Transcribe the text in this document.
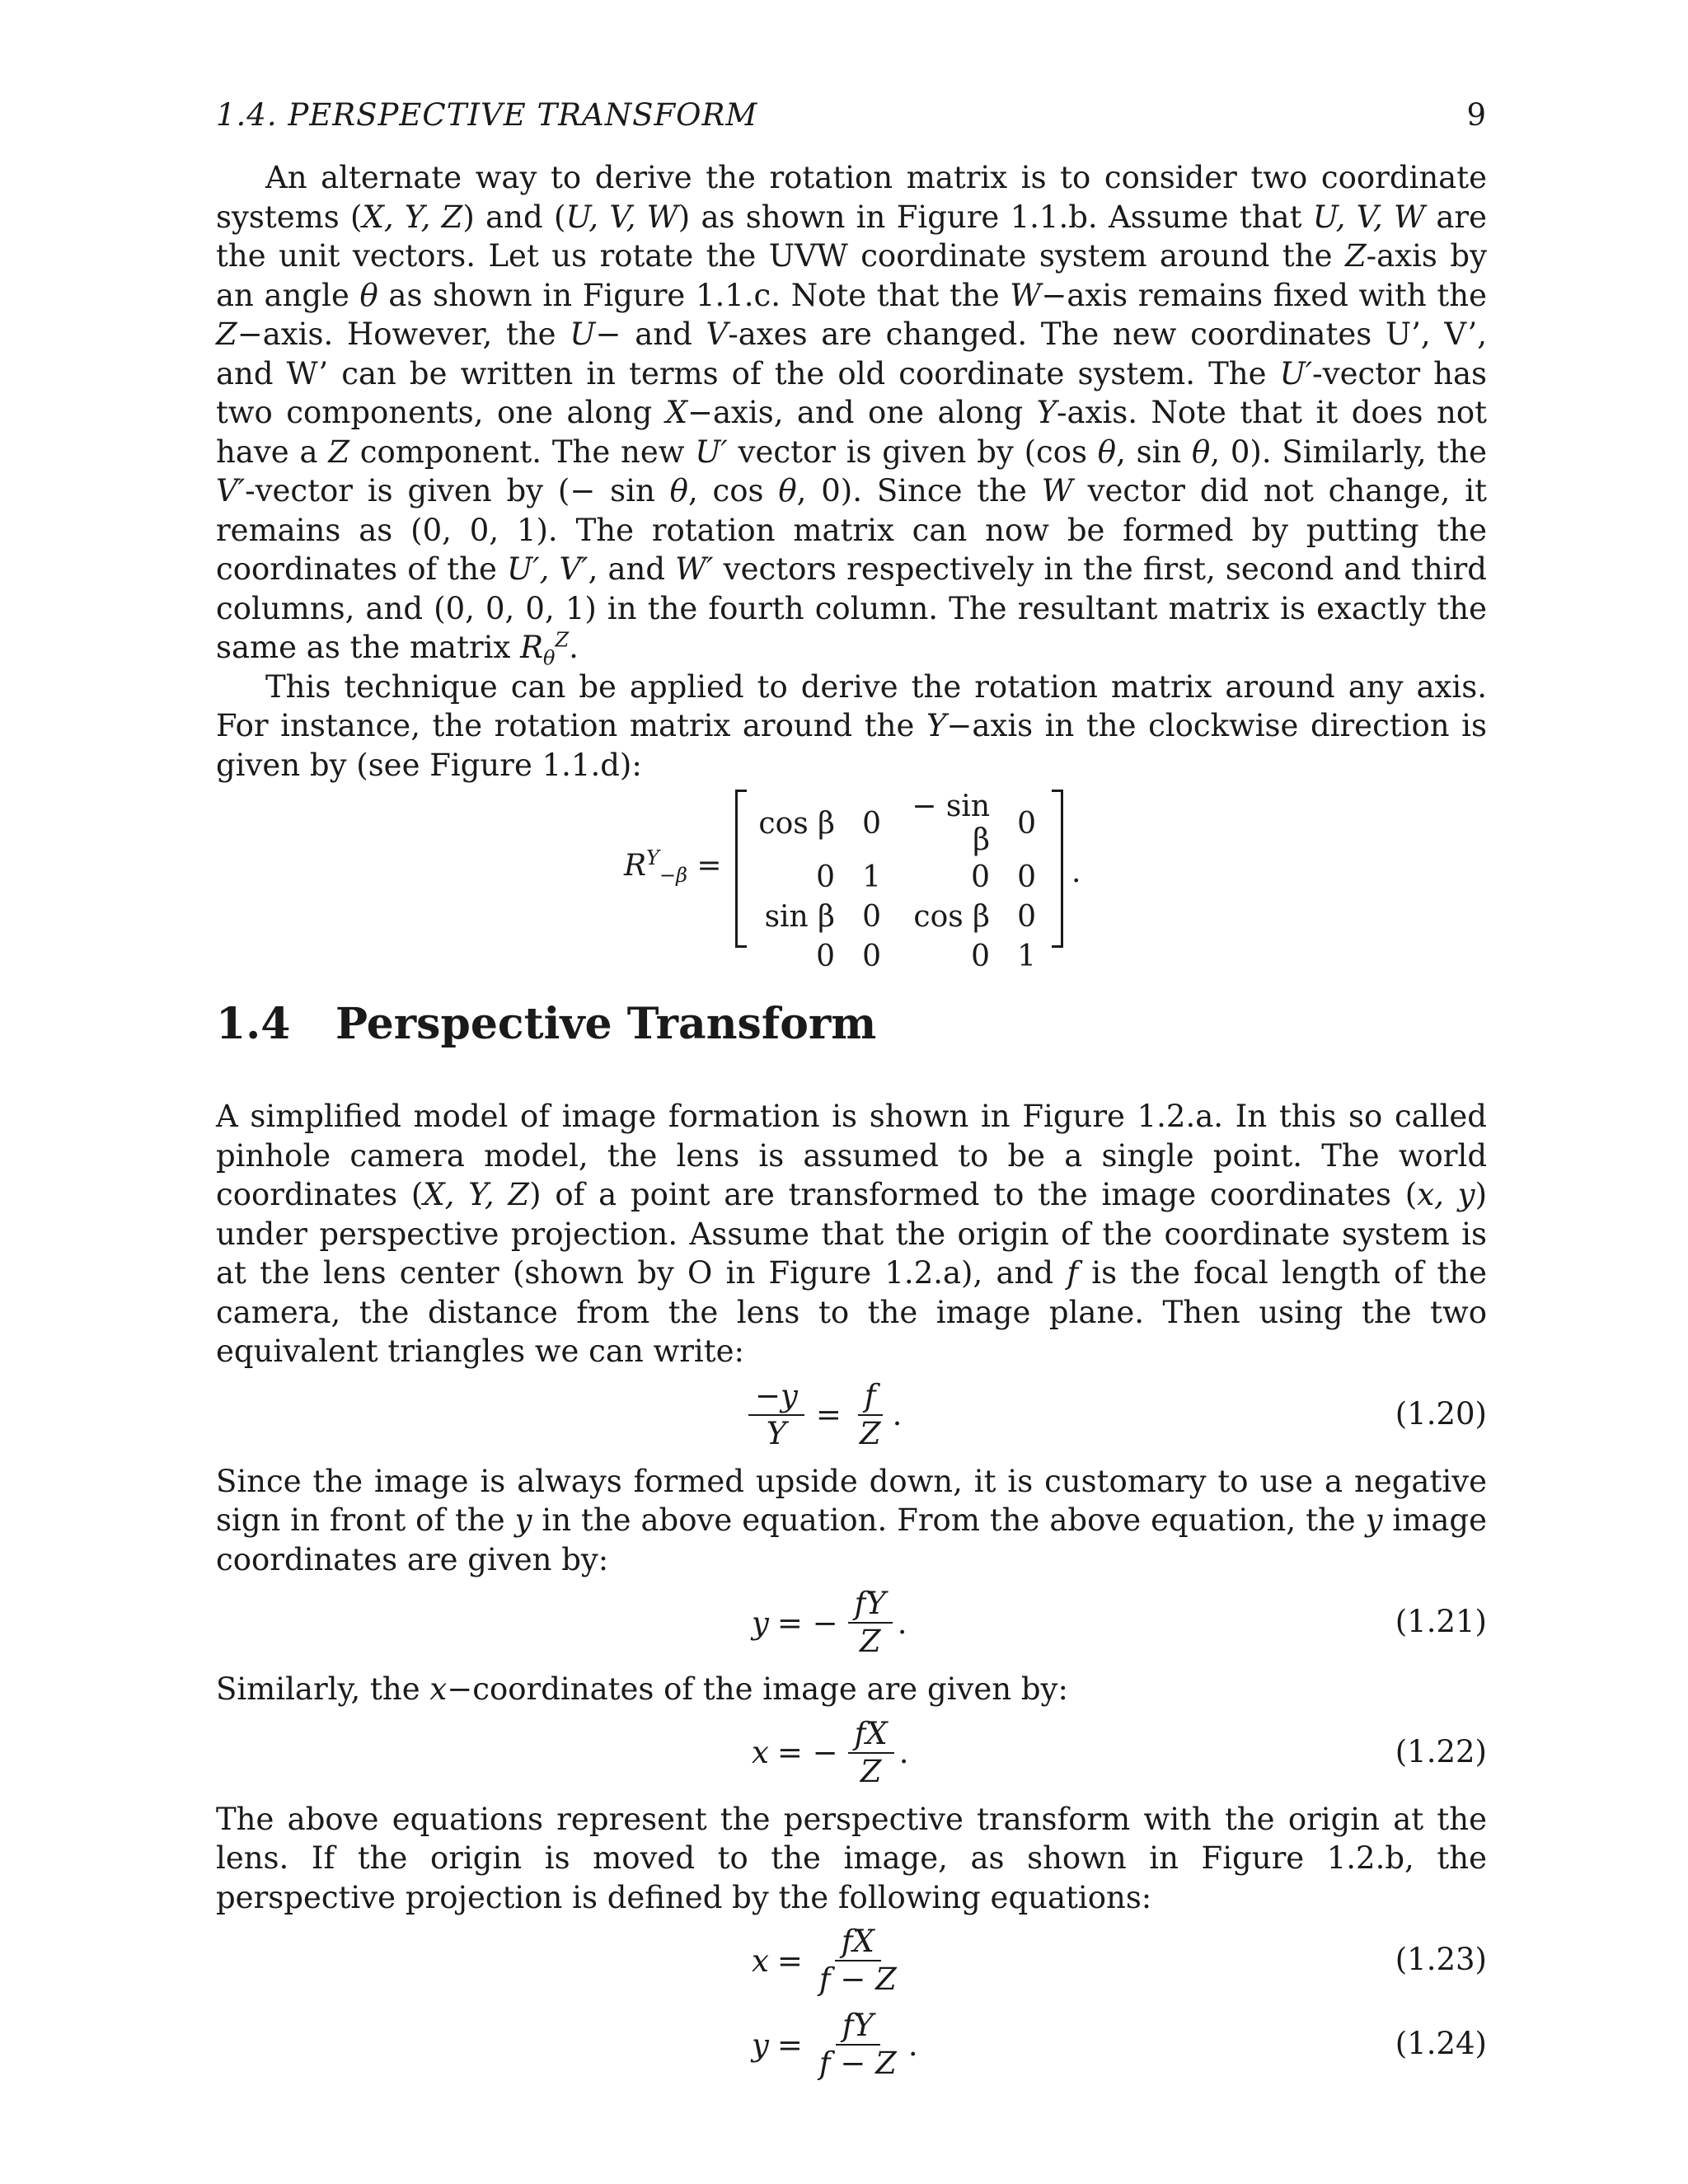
1.4. PERSPECTIVE TRANSFORM	9

An alternate way to derive the rotation matrix is to consider two coordinate systems (X, Y, Z) and (U, V, W) as shown in Figure 1.1.b. Assume that U, V, W are the unit vectors. Let us rotate the UVW coordinate system around the Z-axis by an angle θ as shown in Figure 1.1.c. Note that the W−axis remains fixed with the Z−axis. However, the U− and V-axes are changed. The new coordinates U’, V’, and W’ can be written in terms of the old coordinate system. The U′-vector has two components, one along X−axis, and one along Y-axis. Note that it does not have a Z component. The new U′ vector is given by (cos θ, sin θ, 0). Similarly, the V′-vector is given by (− sin θ, cos θ, 0). Since the W vector did not change, it remains as (0, 0, 1). The rotation matrix can now be formed by putting the coordinates of the U′, V′, and W′ vectors respectively in the first, second and third columns, and (0, 0, 0, 1) in the fourth column. The resultant matrix is exactly the same as the matrix $R_\theta^Z$.

This technique can be applied to derive the rotation matrix around any axis. For instance, the rotation matrix around the Y−axis in the clockwise direction is given by (see Figure 1.1.d):

$R^Y_{-\beta}$ =
cos β	0	− sin β	0
0	1	0	0
sin β	0	cos β	0
0	0	0	1
.
1.4 Perspective Transform

A simplified model of image formation is shown in Figure 1.2.a. In this so called pinhole camera model, the lens is assumed to be a single point. The world coordinates (X, Y, Z) of a point are transformed to the image coordinates (x, y) under perspective projection. Assume that the origin of the coordinate system is at the lens center (shown by O in Figure 1.2.a), and f is the focal length of the camera, the distance from the lens to the image plane. Then using the two equivalent triangles we can write:

$\frac{-y}{Y} = \frac{f}{Z}$ .	(1.20)

Since the image is always formed upside down, it is customary to use a negative sign in front of the y in the above equation. From the above equation, the y image coordinates are given by:

y = − $\frac{fY}{Z}$ .	(1.21)

Similarly, the x−coordinates of the image are given by:

x = − $\frac{fX}{Z}$ .	(1.22)

The above equations represent the perspective transform with the origin at the lens. If the origin is moved to the image, as shown in Figure 1.2.b, the perspective projection is defined by the following equations:

$x = \frac{fX}{f - Z}$	(1.23)
$y = \frac{fY}{f - Z}$ .	(1.24)
